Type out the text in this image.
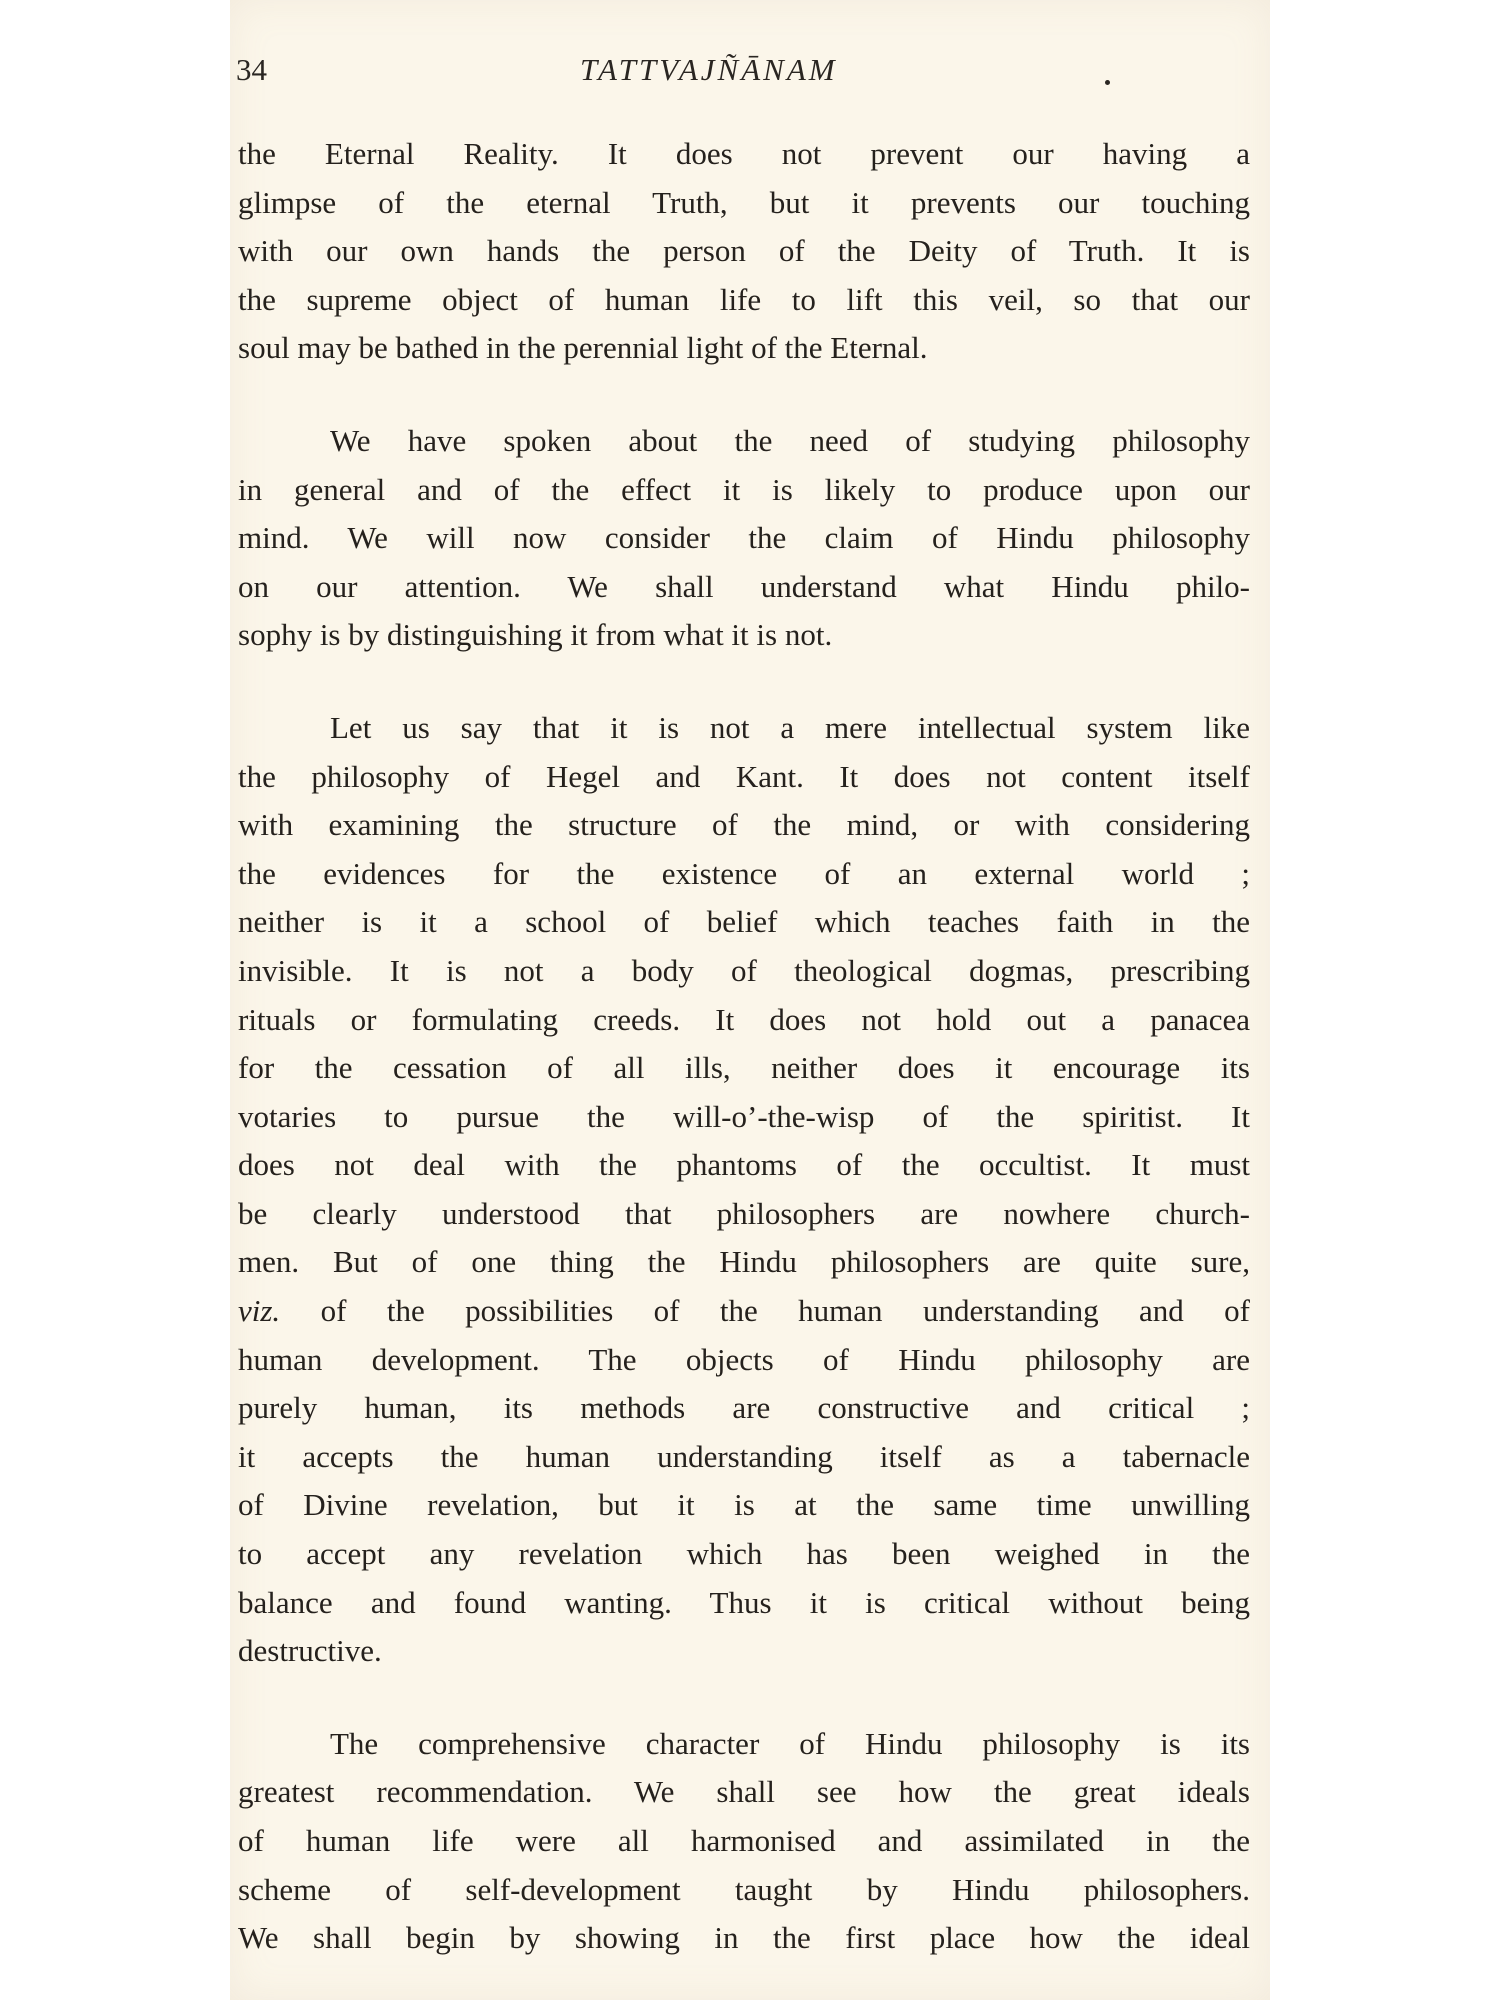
34	TATTVAJÑĀNAM
the Eternal Reality. It does not prevent our having a
glimpse of the eternal Truth, but it prevents our touching
with our own hands the person of the Deity of Truth. It is
the supreme object of human life to lift this veil, so that our
soul may be bathed in the perennial light of the Eternal.
We have spoken about the need of studying philosophy
in general and of the effect it is likely to produce upon our
mind. We will now consider the claim of Hindu philosophy
on our attention. We shall understand what Hindu philo-
sophy is by distinguishing it from what it is not.
Let us say that it is not a mere intellectual system like
the philosophy of Hegel and Kant. It does not content itself
with examining the structure of the mind, or with considering
the evidences for the existence of an external world ;
neither is it a school of belief which teaches faith in the
invisible. It is not a body of theological dogmas, prescribing
rituals or formulating creeds. It does not hold out a panacea
for the cessation of all ills, neither does it encourage its
votaries to pursue the will-o’-the-wisp of the spiritist. It
does not deal with the phantoms of the occultist. It must
be clearly understood that philosophers are nowhere church-
men. But of one thing the Hindu philosophers are quite sure,
viz. of the possibilities of the human understanding and of
human development. The objects of Hindu philosophy are
purely human, its methods are constructive and critical ;
it accepts the human understanding itself as a tabernacle
of Divine revelation, but it is at the same time unwilling
to accept any revelation which has been weighed in the
balance and found wanting. Thus it is critical without being
destructive.
The comprehensive character of Hindu philosophy is its
greatest recommendation. We shall see how the great ideals
of human life were all harmonised and assimilated in the
scheme of self-development taught by Hindu philosophers.
We shall begin by showing in the first place how the ideal
